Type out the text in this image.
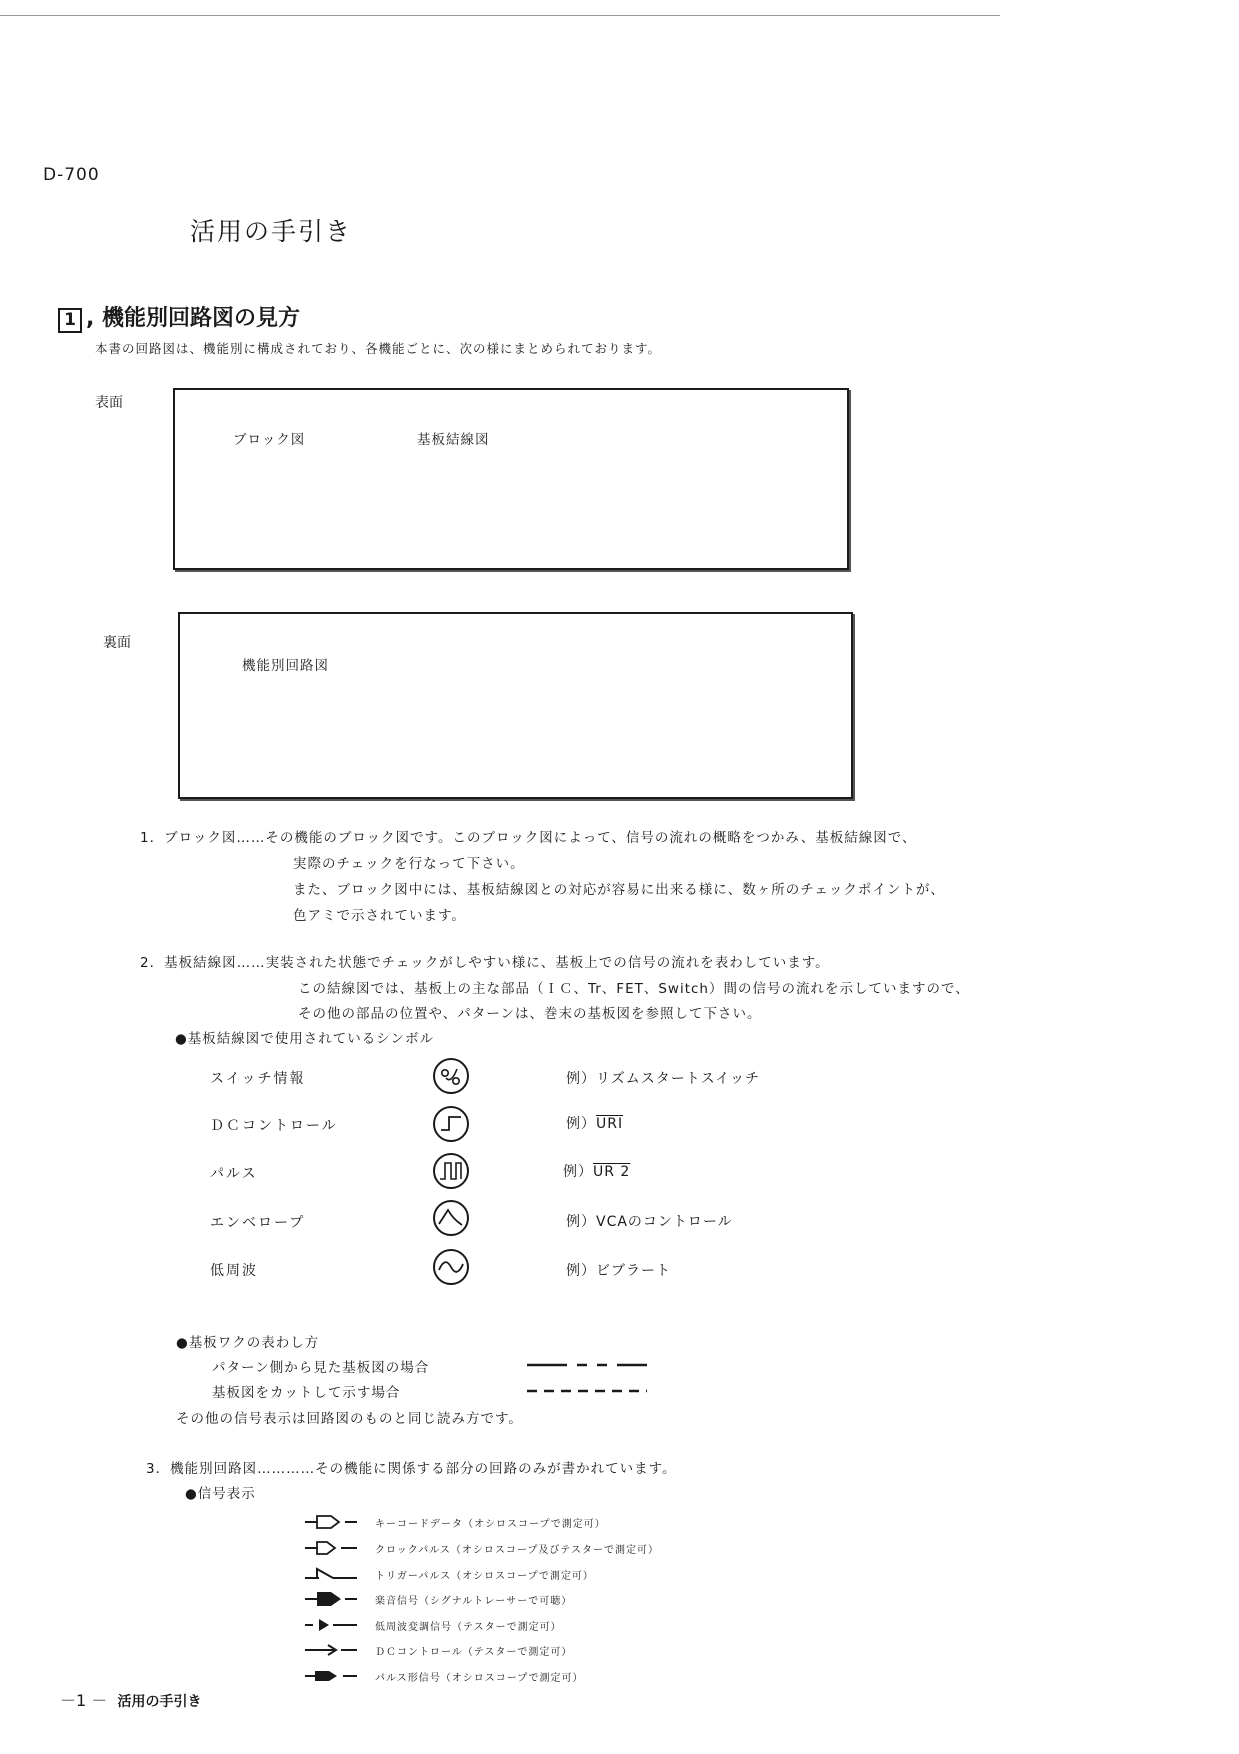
D-700
活用の手引き
1 , 機能別回路図の見方
本書の回路図は、機能別に構成されており、各機能ごとに、次の様にまとめられております。
表面
ブロック図	基板結線図
裏面
機能別回路図
1．ブロック図……その機能のブロック図です。このブロック図によって、信号の流れの概略をつかみ、基板結線図で、
実際のチェックを行なって下さい。
また、ブロック図中には、基板結線図との対応が容易に出来る様に、数ヶ所のチェックポイントが、
色アミで示されています。
2．基板結線図……実装された状態でチェックがしやすい様に、基板上での信号の流れを表わしています。
この結線図では、基板上の主な部品（ＩＣ、Tr、FET、Switch）間の信号の流れを示していますので、
その他の部品の位置や、パターンは、巻末の基板図を参照して下さい。
●基板結線図で使用されているシンボル
スイッチ情報	例）リズムスタートスイッチ
ＤＣコントロール	例）$\overline{URI}$
パルス	例）UR 2
エンベロープ	例）VCAのコントロール
低周波	例）ビブラート
●基板ワクの表わし方
パターン側から見た基板図の場合
基板図をカットして示す場合
その他の信号表示は回路図のものと同じ読み方です。
3．機能別回路図…………その機能に関係する部分の回路のみが書かれています。
●信号表示
キーコードデータ（オシロスコープで測定可）
クロックパルス（オシロスコープ及びテスターで測定可）
トリガーパルス（オシロスコープで測定可）
楽音信号（シグナルトレーサーで可聴）
低周波変調信号（テスターで測定可）
ＤＣコントロール（テスターで測定可）
パルス形信号（オシロスコープで測定可）
－1 － 活用の手引き
